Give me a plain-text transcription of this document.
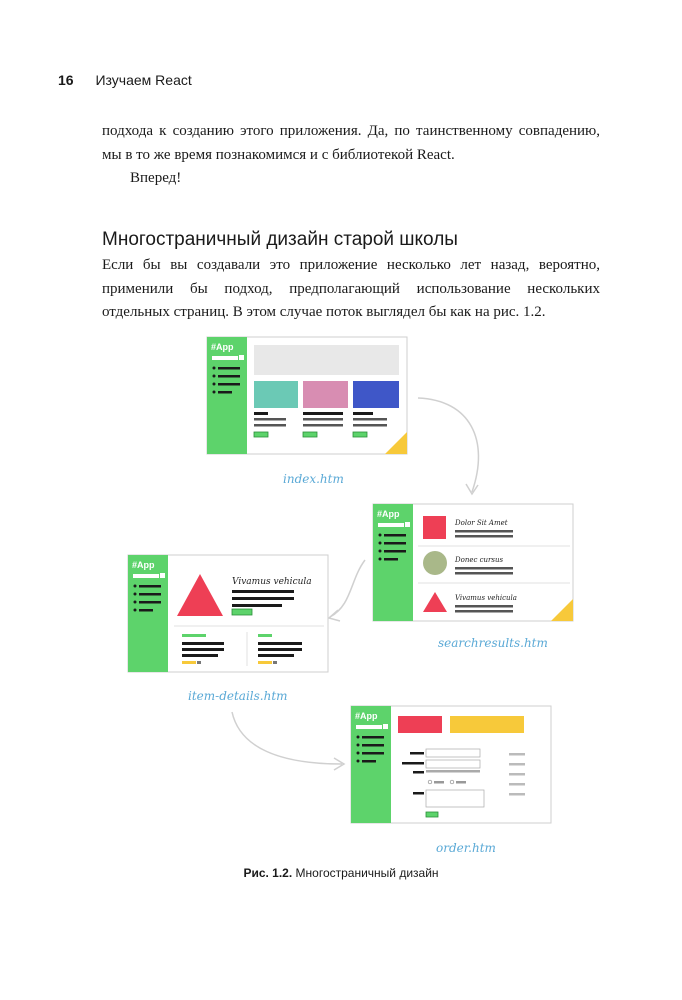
16 Изучаем React

подхода к созданию этого приложения. Да, по таинственному совпадению, мы в то же время познакомимся и с библиотекой React.

Вперед!

Многостраничный дизайн старой школы

Если бы вы создавали это приложение несколько лет назад, вероятно, применили бы подход, предполагающий использование нескольких отдельных страниц. В этом случае поток выглядел бы как на рис. 1.2.

#App
index.htm
#App
Dolor Sit Amet
Donec cursus
Vivamus vehicula
searchresults.htm
#App
Vivamus vehicula
item-details.htm
#App
order.htm
Рис. 1.2. Многостраничный дизайн
